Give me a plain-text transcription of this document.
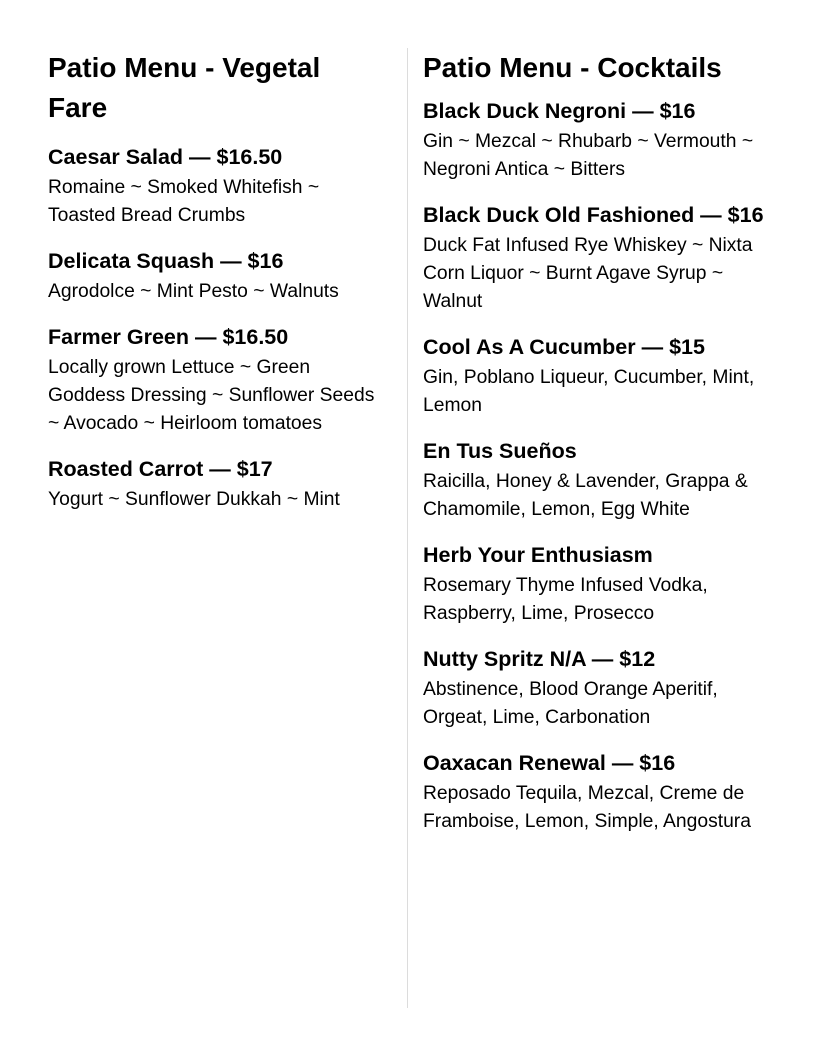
Patio Menu - Vegetal Fare

Caesar Salad — $16.50

Romaine ~ Smoked Whitefish ~ Toasted Bread Crumbs

Delicata Squash — $16

Agrodolce ~ Mint Pesto ~ Walnuts

Farmer Green — $16.50

Locally grown Lettuce ~ Green Goddess Dressing ~ Sunflower Seeds ~ Avocado ~ Heirloom tomatoes

Roasted Carrot — $17

Yogurt ~ Sunflower Dukkah ~ Mint

Patio Menu - Cocktails

Black Duck Negroni — $16

Gin ~ Mezcal ~ Rhubarb ~ Vermouth ~ Negroni Antica ~ Bitters

Black Duck Old Fashioned — $16

Duck Fat Infused Rye Whiskey ~ Nixta Corn Liquor ~ Burnt Agave Syrup ~ Walnut

Cool As A Cucumber — $15

Gin, Poblano Liqueur, Cucumber, Mint, Lemon

En Tus Sueños

Raicilla, Honey & Lavender, Grappa & Chamomile, Lemon, Egg White

Herb Your Enthusiasm

Rosemary Thyme Infused Vodka, Raspberry, Lime, Prosecco

Nutty Spritz N/A — $12

Abstinence, Blood Orange Aperitif, Orgeat, Lime, Carbonation

Oaxacan Renewal — $16

Reposado Tequila, Mezcal, Creme de Framboise, Lemon, Simple, Angostura
